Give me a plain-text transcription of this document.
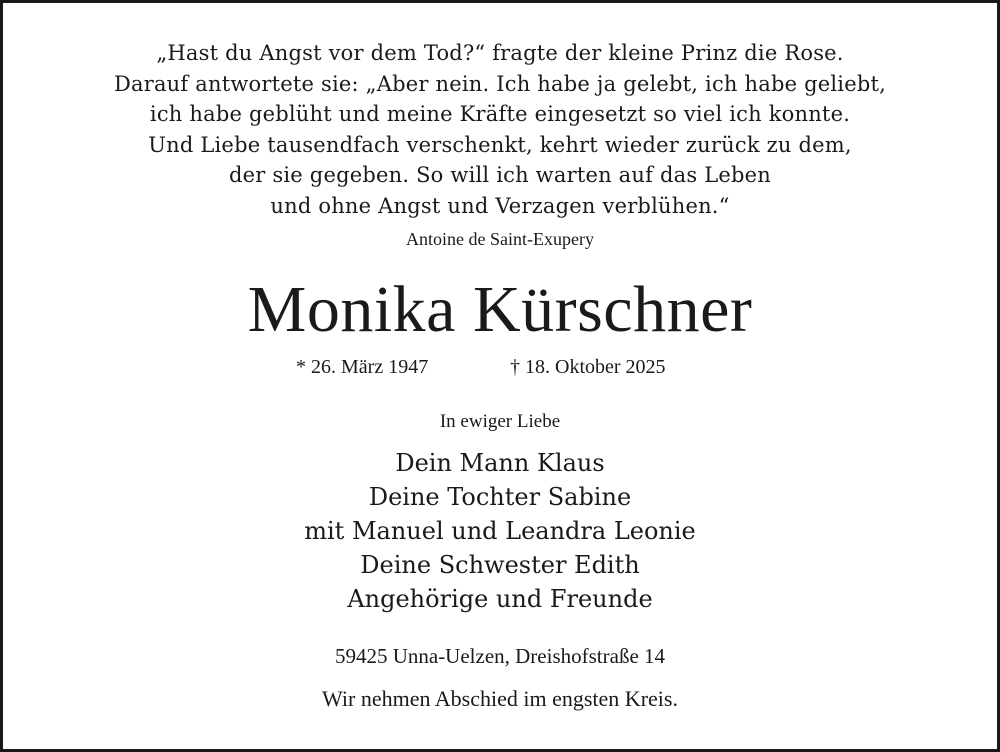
„Hast du Angst vor dem Tod?“ fragte der kleine Prinz die Rose.
Darauf antwortete sie: „Aber nein. Ich habe ja gelebt, ich habe geliebt,
ich habe geblüht und meine Kräfte eingesetzt so viel ich konnte.
Und Liebe tausendfach verschenkt, kehrt wieder zurück zu dem,
der sie gegeben. So will ich warten auf das Leben
und ohne Angst und Verzagen verblühen.“
Antoine de Saint-Exupery
Monika Kürschner
* 26. März 1947	† 18. Oktober 2025
In ewiger Liebe
Dein Mann Klaus
Deine Tochter Sabine
mit Manuel und Leandra Leonie
Deine Schwester Edith
Angehörige und Freunde
59425 Unna-Uelzen, Dreishofstraße 14
Wir nehmen Abschied im engsten Kreis.
